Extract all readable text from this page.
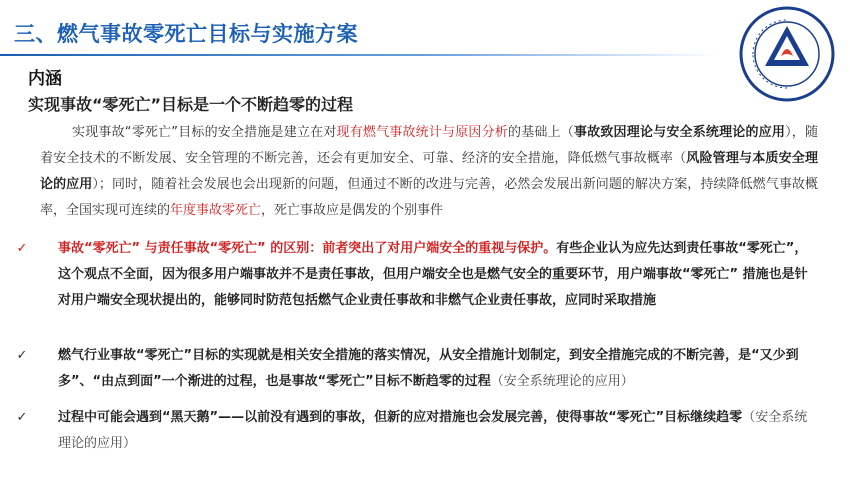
三、燃气事故零死亡目标与实施方案
内涵
实现事故“零死亡”目标是一个不断趋零的过程
实现事故“零死亡”目标的安全措施是建立在对现有燃气事故统计与原因分析的基础上（事故致因理论与安全系统理论的应用），随着安全技术的不断发展、安全管理的不断完善，还会有更加安全、可靠、经济的安全措施，降低燃气事故概率（风险管理与本质安全理论的应用）；同时，随着社会发展也会出现新的问题，但通过不断的改进与完善，必然会发展出新问题的解决方案，持续降低燃气事故概率，全国实现可连续的年度事故零死亡，死亡事故应是偶发的个别事件
✓ 事故“零死亡” 与责任事故“零死亡” 的区别：前者突出了对用户端安全的重视与保护。有些企业认为应先达到责任事故“零死亡”，这个观点不全面，因为很多用户端事故并不是责任事故，但用户端安全也是燃气安全的重要环节，用户端事故“零死亡” 措施也是针对用户端安全现状提出的，能够同时防范包括燃气企业责任事故和非燃气企业责任事故，应同时采取措施
✓ 燃气行业事故“零死亡”目标的实现就是相关安全措施的落实情况，从安全措施计划制定，到安全措施完成的不断完善，是“又少到多”、“由点到面”一个渐进的过程，也是事故“零死亡”目标不断趋零的过程（安全系统理论的应用）
✓ 过程中可能会遇到“黑天鹅”——以前没有遇到的事故，但新的应对措施也会发展完善，使得事故“零死亡”目标继续趋零（安全系统理论的应用）
